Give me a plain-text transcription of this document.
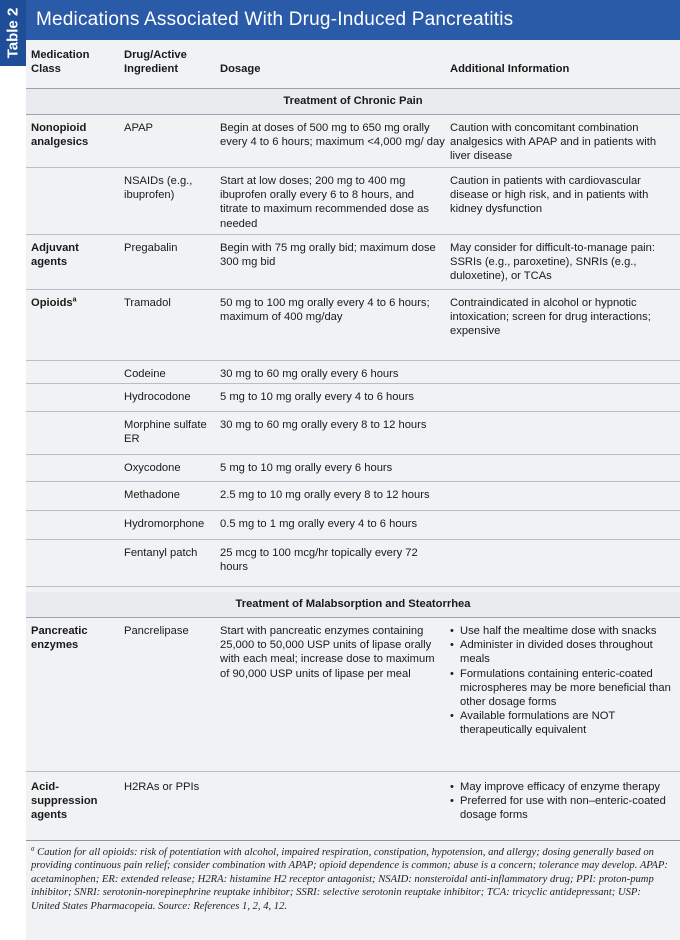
Table 2 Medications Associated With Drug-Induced Pancreatitis
Medication
Class
Drug/Active
Ingredient	Dosage	Additional Information
Treatment of Chronic Pain
Nonopioid analgesics
APAP	Begin at doses of 500 mg to 650 mg orally every 4 to 6 hours; maximum <4,000 mg/ day
Caution with concomitant combination analgesics with APAP and in patients with liver disease
NSAIDs (e.g., ibuprofen)
Start at low doses; 200 mg to 400 mg ibuprofen orally every 6 to 8 hours, and titrate to maximum recommended dose as needed
Caution in patients with cardiovascular disease or high risk, and in patients with kidney dysfunction
Adjuvant agents
Pregabalin	Begin with 75 mg orally bid; maximum dose 300 mg bid
May consider for difficult-to-manage pain: SSRIs (e.g., paroxetine), SNRIs (e.g., duloxetine), or TCAs
Opioids$^a$	Tramadol	50 mg to 100 mg orally every 4 to 6 hours; maximum of 400 mg/day
Contraindicated in alcohol or hypnotic intoxication; screen for drug interactions; expensive
Codeine	30 mg to 60 mg orally every 6 hours
Hydrocodone	5 mg to 10 mg orally every 4 to 6 hours
Morphine sulfate ER
30 mg to 60 mg orally every 8 to 12 hours
Oxycodone	5 mg to 10 mg orally every 6 hours
Methadone	2.5 mg to 10 mg orally every 8 to 12 hours
Hydromorphone	0.5 mg to 1 mg orally every 4 to 6 hours
Fentanyl patch	25 mcg to 100 mcg/hr topically every 72 hours
Treatment of Malabsorption and Steatorrhea
Pancreatic enzymes
Pancrelipase	Start with pancreatic enzymes containing 25,000 to 50,000 USP units of lipase orally with each meal; increase dose to maximum of 90,000 USP units of lipase per meal
• Use half the mealtime dose with snacks
• Administer in divided doses throughout meals
• Formulations containing enteric-coated microspheres may be more beneficial than other dosage forms
• Available formulations are NOT therapeutically equivalent
Acid-suppression agents
H2RAs or PPIs
•	May improve efficacy of enzyme therapy
• Preferred for use with non–enteric-coated dosage forms
$^a$ Caution for all opioids: risk of potentiation with alcohol, impaired respiration, constipation, hypotension, and allergy; dosing generally based on providing continuous pain relief; consider combination with APAP; opioid dependence is common; abuse is a concern; tolerance may develop. APAP: acetaminophen; ER: extended release; H2RA: histamine H2 receptor antagonist; NSAID: nonsteroidal anti-inflammatory drug; PPI: proton-pump inhibitor; SNRI: serotonin-norepinephrine reuptake inhibitor; SSRI: selective serotonin reuptake inhibitor; TCA: tricyclic antidepressant; USP: United States Pharmacopeia. Source: References 1, 2, 4, 12.
